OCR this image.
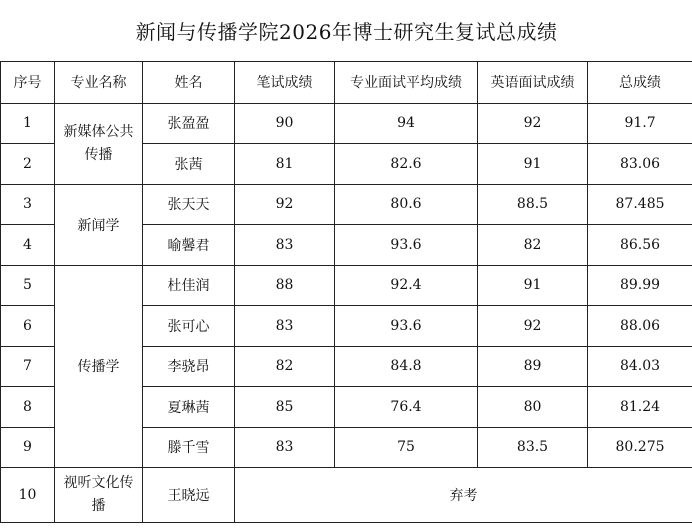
新闻与传播学院2026年博士研究生复试总成绩						
序号	专业名称	姓名	笔试成绩	专业面试平均成绩	英语面试成绩	总成绩
1	新媒体公共传播	张盈盈	90	94	92	91.7
2		张茜	81	82.6	91	83.06
3	新闻学	张天天	92	80.6	88.5	87.485
4		喻馨君	83	93.6	82	86.56
5	传播学	杜佳润	88	92.4	91	89.99
6		张可心	83	93.6	92	88.06
7		李骁昂	82	84.8	89	84.03
8		夏琳茜	85	76.4	80	81.24
9		滕千雪	83	75	83.5	80.275
10	视听文化传播	王晓远	弃考			
